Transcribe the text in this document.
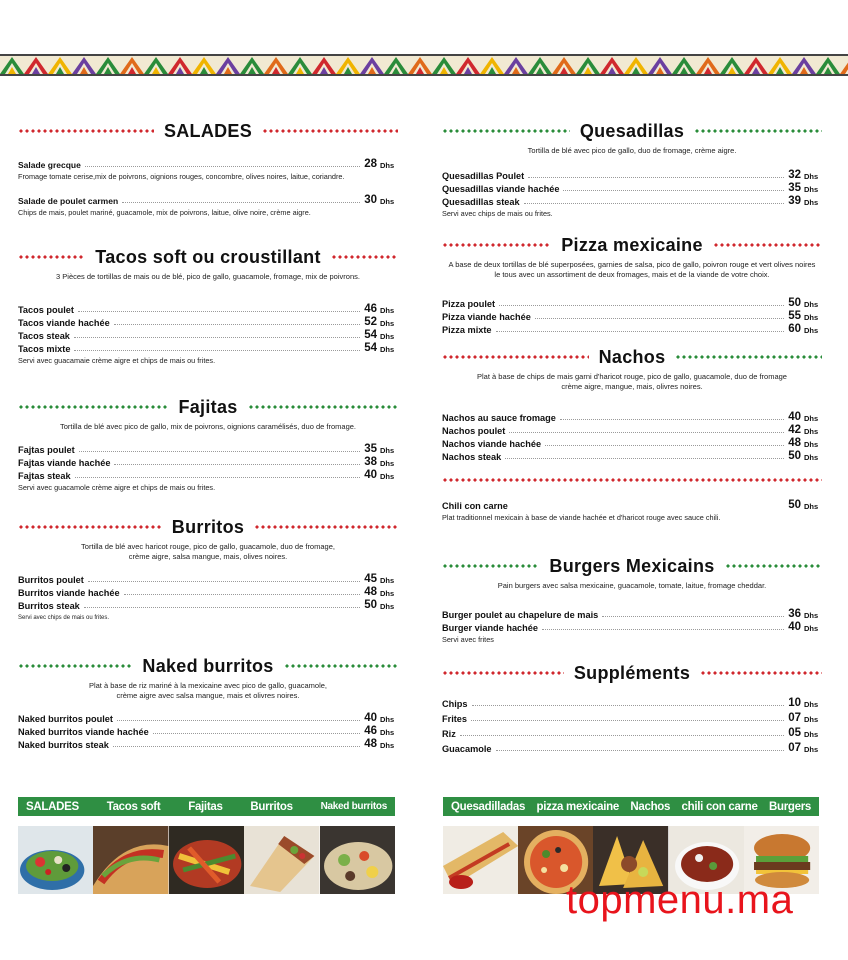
SALADES
Salade grecque	28 Dhs
Fromage tomate cerise,mix de poivrons, oignions rouges, concombre, olives noires, laitue, coriandre.
Salade de poulet carmen	30 Dhs
Chips de mais, poulet mariné, guacamole, mix de poivrons, laitue, olive noire, crème aigre.
Tacos soft ou croustillant
3 Pièces de tortillas de mais ou de blé, pico de gallo, guacamole, fromage, mix de poivrons.
Tacos poulet	46 Dhs
Tacos viande hachée	52 Dhs
Tacos steak	54 Dhs
Tacos mixte	54 Dhs
Servi avec guacamaie crème aigre et chips de mais ou frites.
Fajitas
Tortilla de blé avec pico de gallo, mix de poivrons, oignions caramélisés, duo de fromage.
Fajtas poulet	35 Dhs
Fajtas viande hachée	38 Dhs
Fajtas steak	40 Dhs
Servi avec guacamole crème aigre et chips de mais ou frites.
Burritos
Tortilla de blé avec haricot rouge, pico de gallo, guacamole, duo de fromage,
crème aigre, salsa mangue, mais, olives noires.
Burritos poulet	45 Dhs
Burritos viande hachée	48 Dhs
Burritos steak	50 Dhs
Servi avec chips de mais ou frites.
Naked burritos
Plat à base de riz mariné à la mexicaine avec pico de gallo, guacamole,
crème aigre avec salsa mangue, mais et olivres noires.
Naked burritos poulet	40 Dhs
Naked burritos viande hachée	46 Dhs
Naked burritos steak	48 Dhs
Quesadillas
Tortilla de blé avec pico de gallo, duo de fromage, crème aigre.
Quesadillas Poulet	32 Dhs
Quesadillas viande hachée	35 Dhs
Quesadillas steak	39 Dhs
Servi avec chips de mais ou frites.
Pizza mexicaine
A base de deux tortillas de blé superposées, garnies de salsa, pico de gallo, poivron rouge et vert olives noires
le tous avec un assortiment de deux fromages, mais et de la viande de votre choix.
Pizza poulet	50 Dhs
Pizza viande hachée	55 Dhs
Pizza mixte	60 Dhs
Nachos
Plat à base de chips de mais garni d'haricot rouge, pico de gallo, guacamole, duo de fromage
crème aigre, mangue, mais, olivres noires.
Nachos au sauce fromage	40 Dhs
Nachos poulet	42 Dhs
Nachos viande hachée	48 Dhs
Nachos steak	50 Dhs
Chili con carne	50 Dhs
Plat traditionnel mexicain à base de viande hachée et d'haricot rouge avec sauce chili.
Burgers Mexicains
Pain burgers avec salsa mexicaine, guacamole, tomate, laitue, fromage cheddar.
Burger poulet au chapelure de mais	36 Dhs
Burger viande hachée	40 Dhs
Servi avec frites
Suppléments
Chips	10 Dhs
Frites	07 Dhs
Riz	05 Dhs
Guacamole	07 Dhs
SALADES Tacos soft Fajitas Burritos	Naked burritos	Quesadilladas pizza mexicaine Nachos chili con carne Burgers
topmenu.ma
